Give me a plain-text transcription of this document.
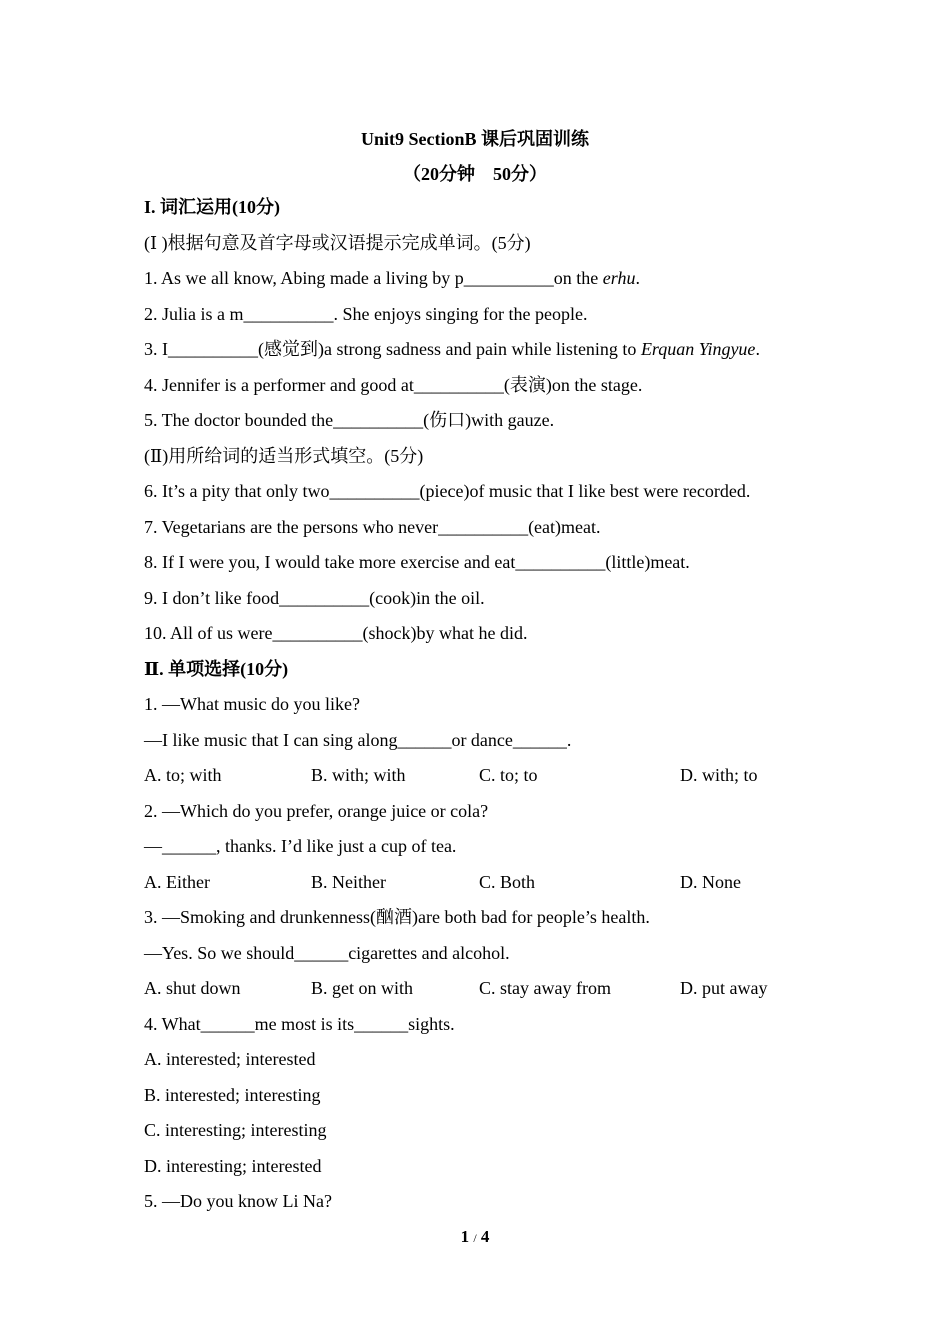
Unit9 SectionB 课后巩固训练
（20分钟　50分）
I. 词汇运用(10分)
(Ⅰ )根据句意及首字母或汉语提示完成单词。(5分)
1. As we all know, Abing made a living by p__________on the erhu.
2. Julia is a m__________. She enjoys singing for the people.
3. I__________(感觉到)a strong sadness and pain while listening to Erquan Yingyue.
4. Jennifer is a performer and good at__________(表演)on the stage.
5. The doctor bounded the__________(伤口)with gauze.
(Ⅱ)用所给词的适当形式填空。(5分)
6. It’s a pity that only two__________(piece)of music that I like best were recorded.
7. Vegetarians are the persons who never__________(eat)meat.
8. If I were you, I would take more exercise and eat__________(little)meat.
9. I don’t like food__________(cook)in the oil.
10. All of us were__________(shock)by what he did.
Ⅱ. 单项选择(10分)
1. —What music do you like?
—I like music that I can sing along______or dance______.
A. to; with	B. with; with	C. to; to	D. with; to
2. —Which do you prefer, orange juice or cola?
—______, thanks. I’d like just a cup of tea.
A. Either	B. Neither	C. Both	D. None
3. —Smoking and drunkenness(酗酒)are both bad for people’s health.
—Yes. So we should______cigarettes and alcohol.
A. shut down	B. get on with	C. stay away from	D. put away
4. What______me most is its______sights.
A. interested; interested
B. interested; interesting
C. interesting; interesting
D. interesting; interested
5. —Do you know Li Na?
1 / 4
